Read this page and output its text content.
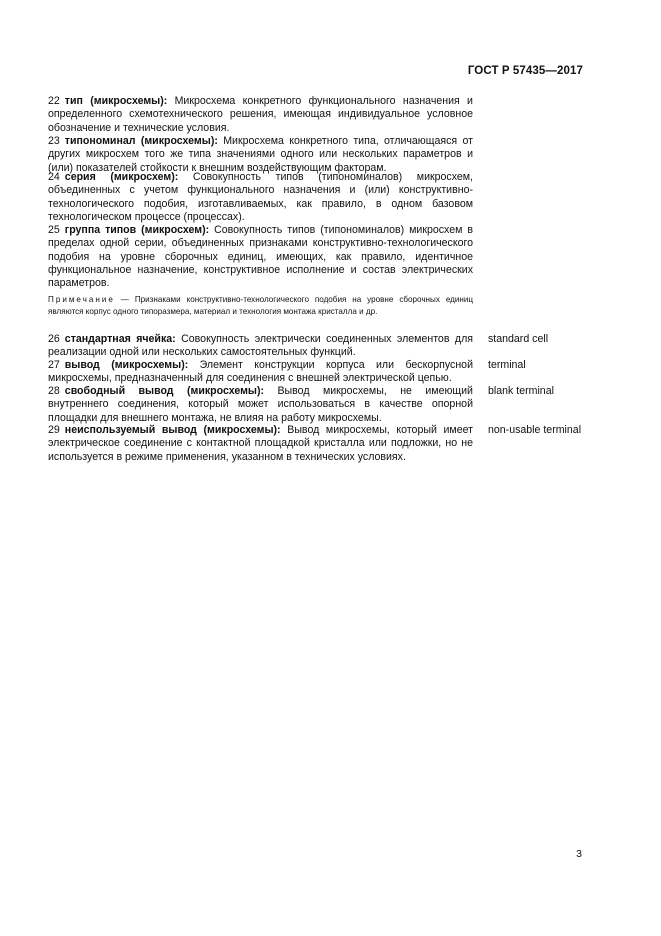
ГОСТ Р 57435—2017
22 тип (микросхемы): Микросхема конкретного функционального назначения и определенного схемотехнического решения, имеющая индивидуальное условное обозначение и технические условия.
23 типономинал (микросхемы): Микросхема конкретного типа, отличающаяся от других микросхем того же типа значениями одного или нескольких параметров и (или) показателей стойкости к внешним воздействующим факторам.
24 серия (микросхем): Совокупность типов (типономиналов) микросхем, объединенных с учетом функционального назначения и (или) конструктивно-технологического подобия, изготавливаемых, как правило, в одном базовом технологическом процессе (процессах).
25 группа типов (микросхем): Совокупность типов (типономиналов) микросхем в пределах одной серии, объединенных признаками конструктивно-технологического подобия на уровне сборочных единиц, имеющих, как правило, идентичное функциональное назначение, конструктивное исполнение и состав электрических параметров.
Примечание — Признаками конструктивно-технологического подобия на уровне сборочных единиц являются корпус одного типоразмера, материал и технология монтажа кристалла и др.
26 стандартная ячейка: Совокупность электрически соединенных элементов для реализации одной или нескольких самостоятельных функций.
standard cell
27 вывод (микросхемы): Элемент конструкции корпуса или бескорпусной микросхемы, предназначенный для соединения с внешней электрической цепью.
terminal
28 свободный вывод (микросхемы): Вывод микросхемы, не имеющий внутреннего соединения, который может использоваться в качестве опорной площадки для внешнего монтажа, не влияя на работу микросхемы.
blank terminal
29 неиспользуемый вывод (микросхемы): Вывод микросхемы, который имеет электрическое соединение с контактной площадкой кристалла или подложки, но не используется в режиме применения, указанном в технических условиях.
non-usable terminal
3
